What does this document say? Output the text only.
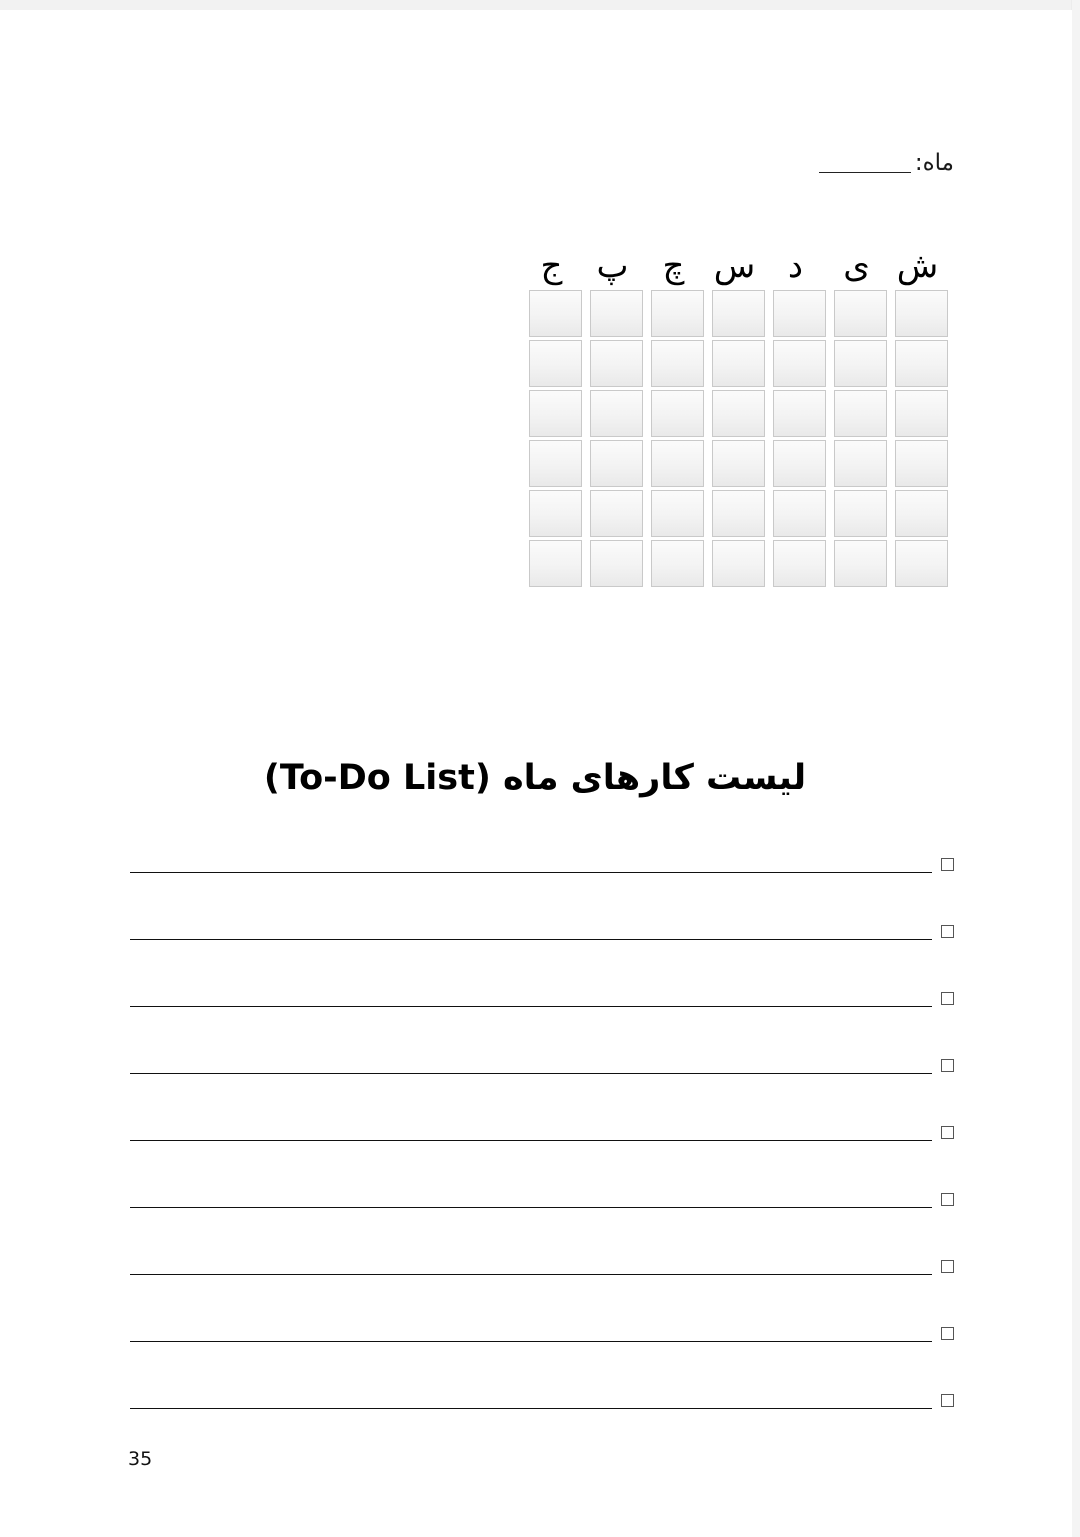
ماه:
ش
ی
د
س
چ
پ
ج
لیست کارهای ماه (To-Do List)
35
